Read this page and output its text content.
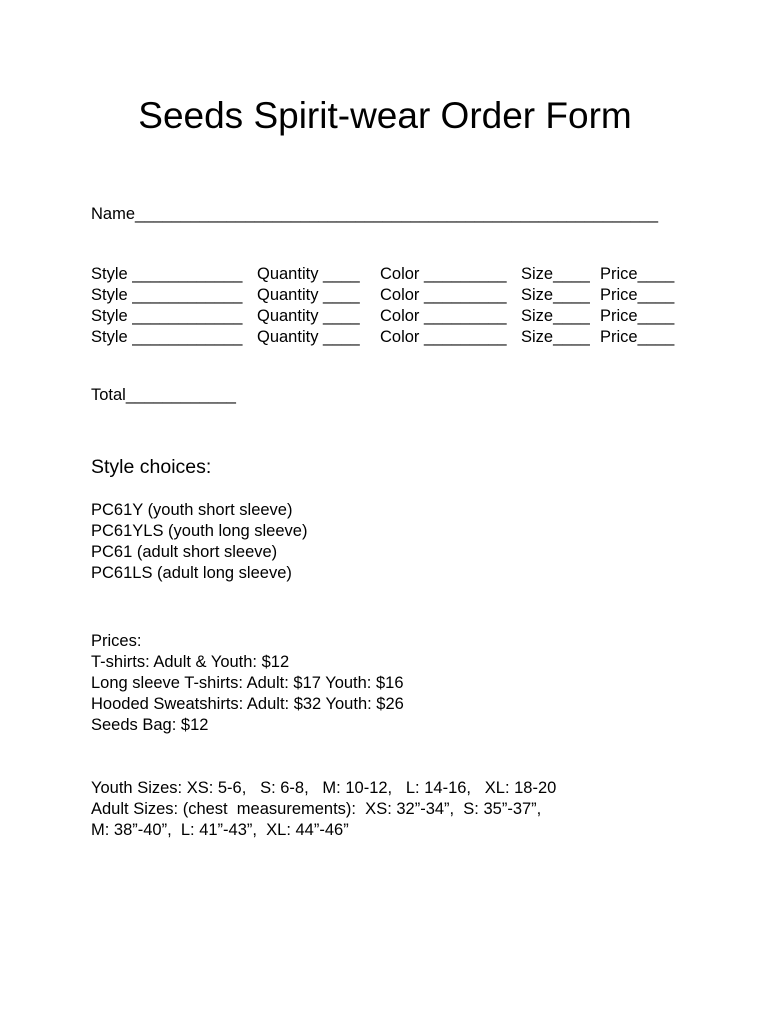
Seeds Spirit-wear Order Form
Name_________________________________________________________

Style ____________

Quantity ____

Color _________

Size____

Price____

Style ____________

Quantity ____

Color _________

Size____

Price____

Style ____________

Quantity ____

Color _________

Size____

Price____

Style ____________

Quantity ____

Color _________

Size____

Price____

Total____________
Style choices:
PC61Y (youth short sleeve)
PC61YLS (youth long sleeve)
PC61 (adult short sleeve)
PC61LS (adult long sleeve)
Prices:
T-shirts: Adult & Youth: $12
Long sleeve T-shirts: Adult: $17 Youth: $16
Hooded Sweatshirts: Adult: $32 Youth: $26
Seeds Bag: $12
Youth Sizes: XS: 5-6,   S: 6-8,   M: 10-12,   L: 14-16,   XL: 18-20
Adult Sizes: (chest  measurements):  XS: 32”-34”,  S: 35”-37”,
M: 38”-40”,  L: 41”-43”,  XL: 44”-46”
